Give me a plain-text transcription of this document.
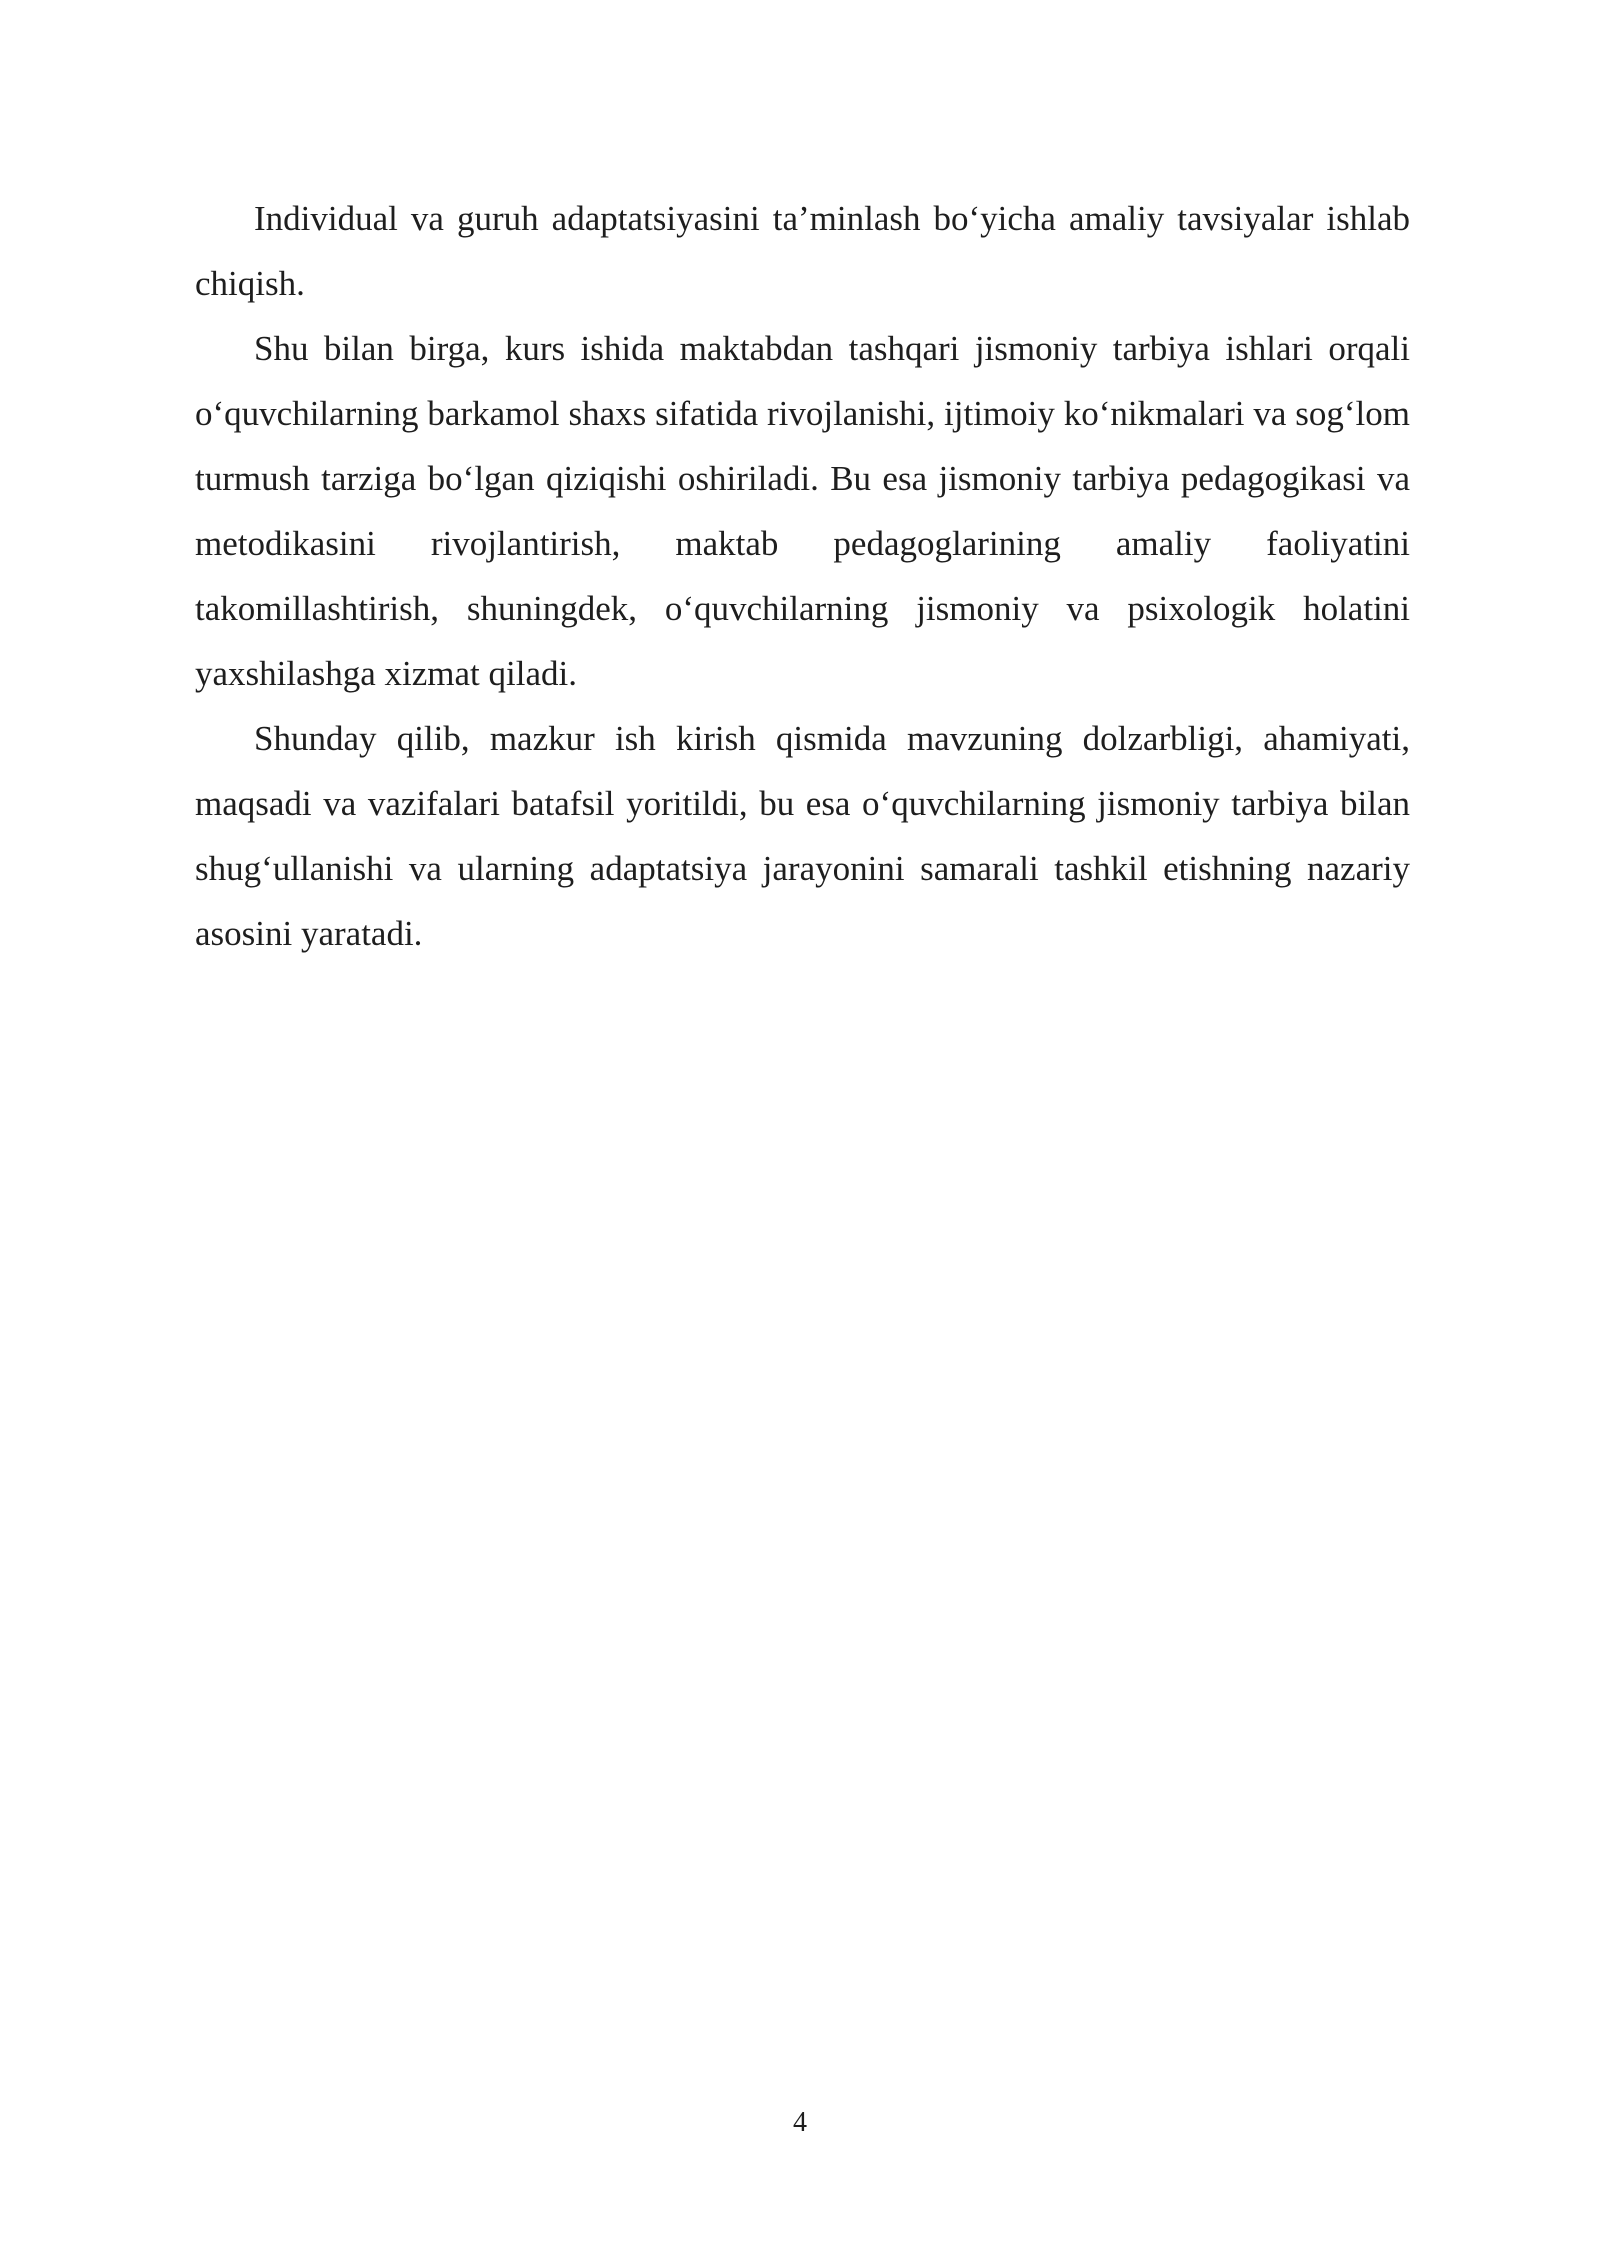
Individual va guruh adaptatsiyasini ta’minlash bo‘yicha amaliy tavsiyalar ishlab chiqish.

Shu bilan birga, kurs ishida maktabdan tashqari jismoniy tarbiya ishlari orqali o‘quvchilarning barkamol shaxs sifatida rivojlanishi, ijtimoiy ko‘nikmalari va sog‘lom turmush tarziga bo‘lgan qiziqishi oshiriladi. Bu esa jismoniy tarbiya pedagogikasi va metodikasini rivojlantirish, maktab pedagoglarining amaliy faoliyatini takomillashtirish, shuningdek, o‘quvchilarning jismoniy va psixologik holatini yaxshilashga xizmat qiladi.

Shunday qilib, mazkur ish kirish qismida mavzuning dolzarbligi, ahamiyati, maqsadi va vazifalari batafsil yoritildi, bu esa o‘quvchilarning jismoniy tarbiya bilan shug‘ullanishi va ularning adaptatsiya jarayonini samarali tashkil etishning nazariy asosini yaratadi.

4
